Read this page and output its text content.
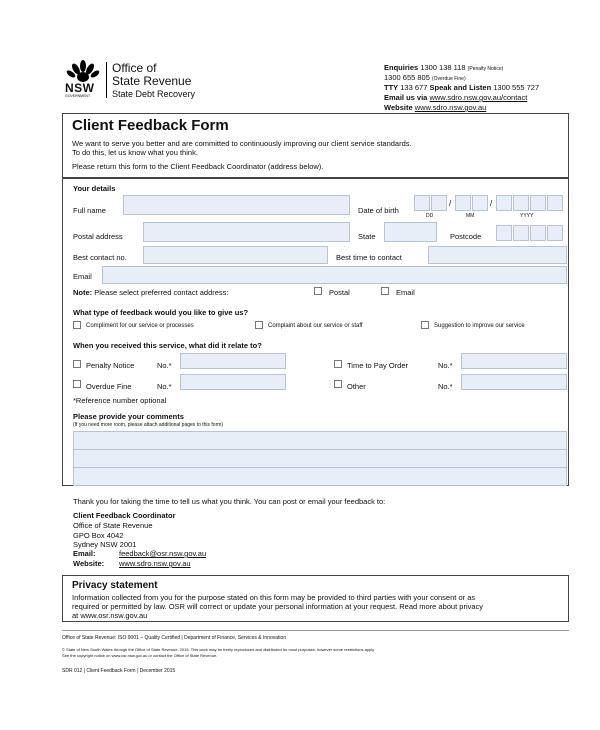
NSW
GOVERNMENT
Office of
State Revenue
State Debt Recovery
Enquiries 1300 138 118 (Penalty Notice)
1300 655 805 (Overdue Fine)
TTY 133 677 Speak and Listen 1300 555 727
Email us via www.sdro.nsw.gov.au/contact
Website www.sdro.nsw.gov.au
Client Feedback Form
We want to serve you better and are committed to continuously improving our client service standards.
To do this, let us know what you think.
Please return this form to the Client Feedback Coordinator (address below).
Your details
Full name	Date of birth
/	/
DD	MM	YYYY
Postal address	State	Postcode
Best contact no.	Best time to contact
Email
Note: Please select preferred contact address:	Postal	Email
What type of feedback would you like to give us?
Compliment for our service or processes	Complaint about our service or staff	Suggestion to improve our service
When you received this service, what did it relate to?
Penalty Notice	No.*	Time to Pay Order	No.*
Overdue Fine	No.*	Other	No.*
*Reference number optional
Please provide your comments
(If you need more room, please attach additional pages to this form)
Thank you for taking the time to tell us what you think. You can post or email your feedback to:
Client Feedback Coordinator
Office of State Revenue
GPO Box 4042
Sydney NSW 2001
Email:	feedback@osr.nsw.gov.au
Website: www.sdro.nsw.gov.au
Privacy statement
Information collected from you for the purpose stated on this form may be provided to third parties with your consent or as
required or permitted by law. OSR will correct or update your personal information at your request. Read more about privacy
at www.osr.nsw.gov.au
Office of State Revenue: ISO 9001 – Quality Certified | Department of Finance, Services & Innovation
© State of New South Wales through the Office of State Revenue, 2015. This work may be freely reproduced and distributed for most purposes, however some restrictions apply.
See the copyright notice on www.osr.nsw.gov.au or contact the Office of State Revenue.
SDR 012 | Client Feedback Form | December 2015
